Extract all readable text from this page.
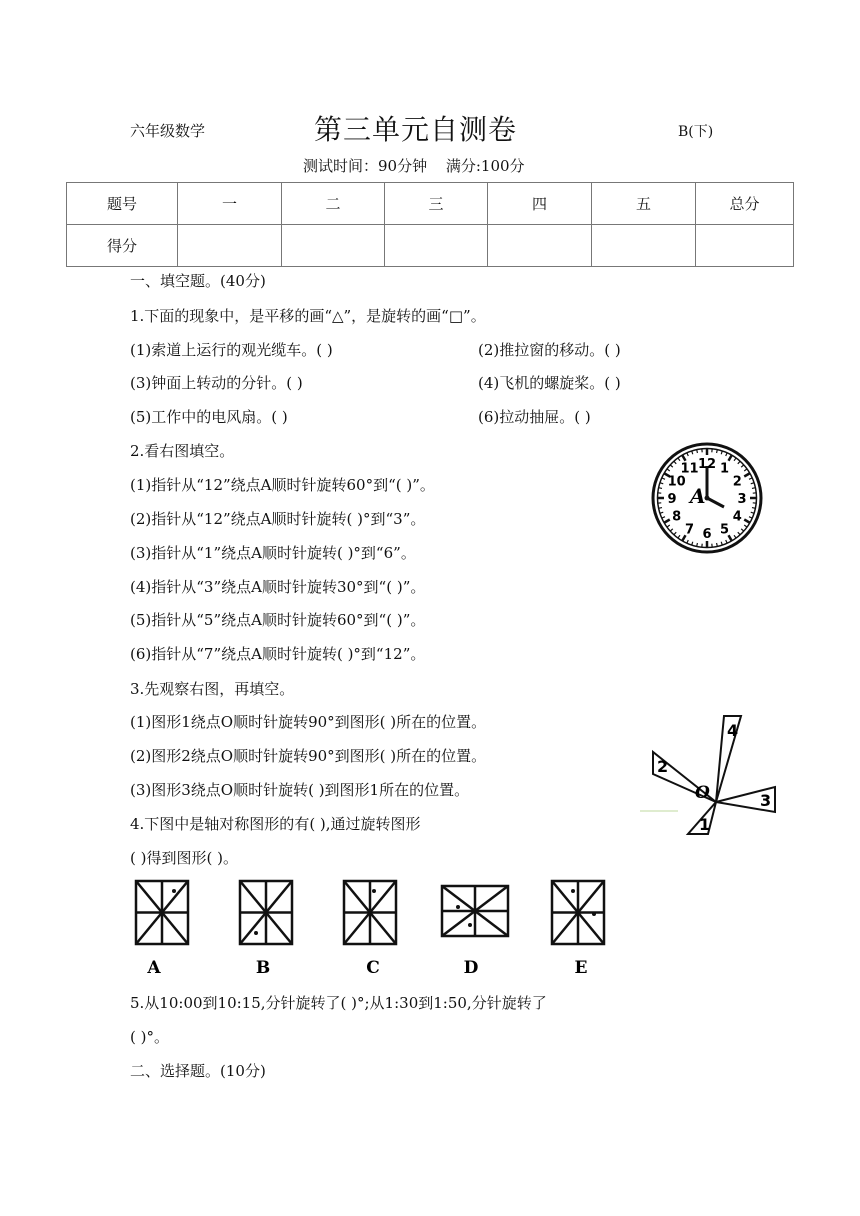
六年级数学	第三单元自测卷	B(下)
测试时间：90分钟 满分:100分
题号	一	二	三	四	五	总分
得分						
一、填空题。(40分)
1.下面的现象中，是平移的画“△”，是旋转的画“□”。
(1)索道上运行的观光缆车。( )	(2)推拉窗的移动。( )
(3)钟面上转动的分针。( )	(4)飞机的螺旋桨。( )
(5)工作中的电风扇。( )	(6)拉动抽屉。( )
2.看右图填空。
(1)指针从“12”绕点A顺时针旋转60°到“( )”。
(2)指针从“12”绕点A顺时针旋转( )°到“3”。
(3)指针从“1”绕点A顺时针旋转( )°到“6”。
(4)指针从“3”绕点A顺时针旋转30°到“( )”。
(5)指针从“5”绕点A顺时针旋转60°到“( )”。
(6)指针从“7”绕点A顺时针旋转( )°到“12”。
A
12 1
2
3
4
5
6
7
8
9
10
11
3.先观察右图，再填空。
(1)图形1绕点O顺时针旋转90°到图形( )所在的位置。
(2)图形2绕点O顺时针旋转90°到图形( )所在的位置。
(3)图形3绕点O顺时针旋转( )到图形1所在的位置。
4
2
3
1
O
4.下图中是轴对称图形的有( ),通过旋转图形
( )得到图形( )。
A	B	C	D	E
5.从10:00到10:15,分针旋转了( )°;从1:30到1:50,分针旋转了
( )°。
二、选择题。(10分)
